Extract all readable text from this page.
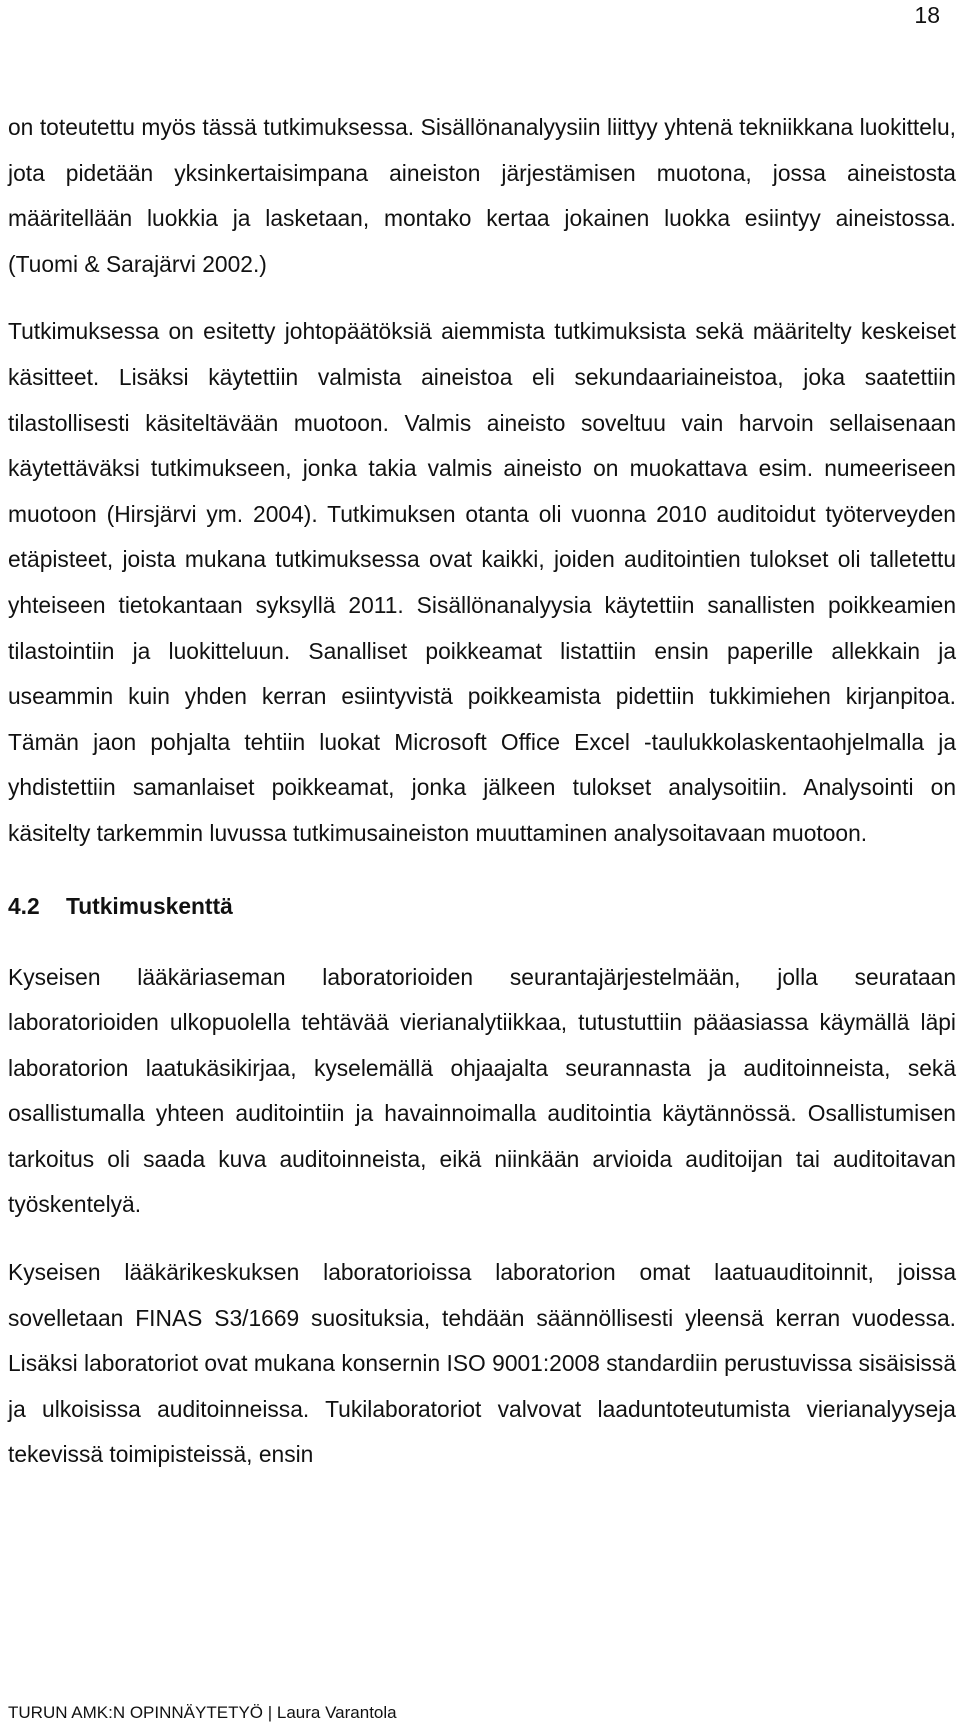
18

on toteutettu myös tässä tutkimuksessa. Sisällönanalyysiin liittyy yhtenä tekniikkana luokittelu, jota pidetään yksinkertaisimpana aineiston järjestämisen muotona, jossa aineistosta määritellään luokkia ja lasketaan, montako kertaa jokainen luokka esiintyy aineistossa. (Tuomi & Sarajärvi 2002.)

Tutkimuksessa on esitetty johtopäätöksiä aiemmista tutkimuksista sekä määritelty keskeiset käsitteet. Lisäksi käytettiin valmista aineistoa eli sekundaariaineistoa, joka saatettiin tilastollisesti käsiteltävään muotoon. Valmis aineisto soveltuu vain harvoin sellaisenaan käytettäväksi tutkimukseen, jonka takia valmis aineisto on muokattava esim. numeeriseen muotoon (Hirsjärvi ym. 2004). Tutkimuksen otanta oli vuonna 2010 auditoidut työterveyden etäpisteet, joista mukana tutkimuksessa ovat kaikki, joiden auditointien tulokset oli talletettu yhteiseen tietokantaan syksyllä 2011. Sisällönanalyysia käytettiin sanallisten poikkeamien tilastointiin ja luokitteluun. Sanalliset poikkeamat listattiin ensin paperille allekkain ja useammin kuin yhden kerran esiintyvistä poikkeamista pidettiin tukkimiehen kirjanpitoa. Tämän jaon pohjalta tehtiin luokat Microsoft Office Excel -taulukkolaskentaohjelmalla ja yhdistettiin samanlaiset poikkeamat, jonka jälkeen tulokset analysoitiin. Analysointi on käsitelty tarkemmin luvussa tutkimusaineiston muuttaminen analysoitavaan muotoon.

4.2 Tutkimuskenttä

Kyseisen lääkäriaseman laboratorioiden seurantajärjestelmään, jolla seurataan laboratorioiden ulkopuolella tehtävää vierianalytiikkaa, tutustuttiin pääasiassa käymällä läpi laboratorion laatukäsikirjaa, kyselemällä ohjaajalta seurannasta ja auditoinneista, sekä osallistumalla yhteen auditointiin ja havainnoimalla auditointia käytännössä. Osallistumisen tarkoitus oli saada kuva auditoinneista, eikä niinkään arvioida auditoijan tai auditoitavan työskentelyä.

Kyseisen lääkärikeskuksen laboratorioissa laboratorion omat laatuauditoinnit, joissa sovelletaan FINAS S3/1669 suosituksia, tehdään säännöllisesti yleensä kerran vuodessa. Lisäksi laboratoriot ovat mukana konsernin ISO 9001:2008 standardiin perustuvissa sisäisissä ja ulkoisissa auditoinneissa. Tukilaboratoriot valvovat laaduntoteutumista vierianalyyseja tekevissä toimipisteissä, ensin

TURUN AMK:N OPINNÄYTETYÖ | Laura Varantola
